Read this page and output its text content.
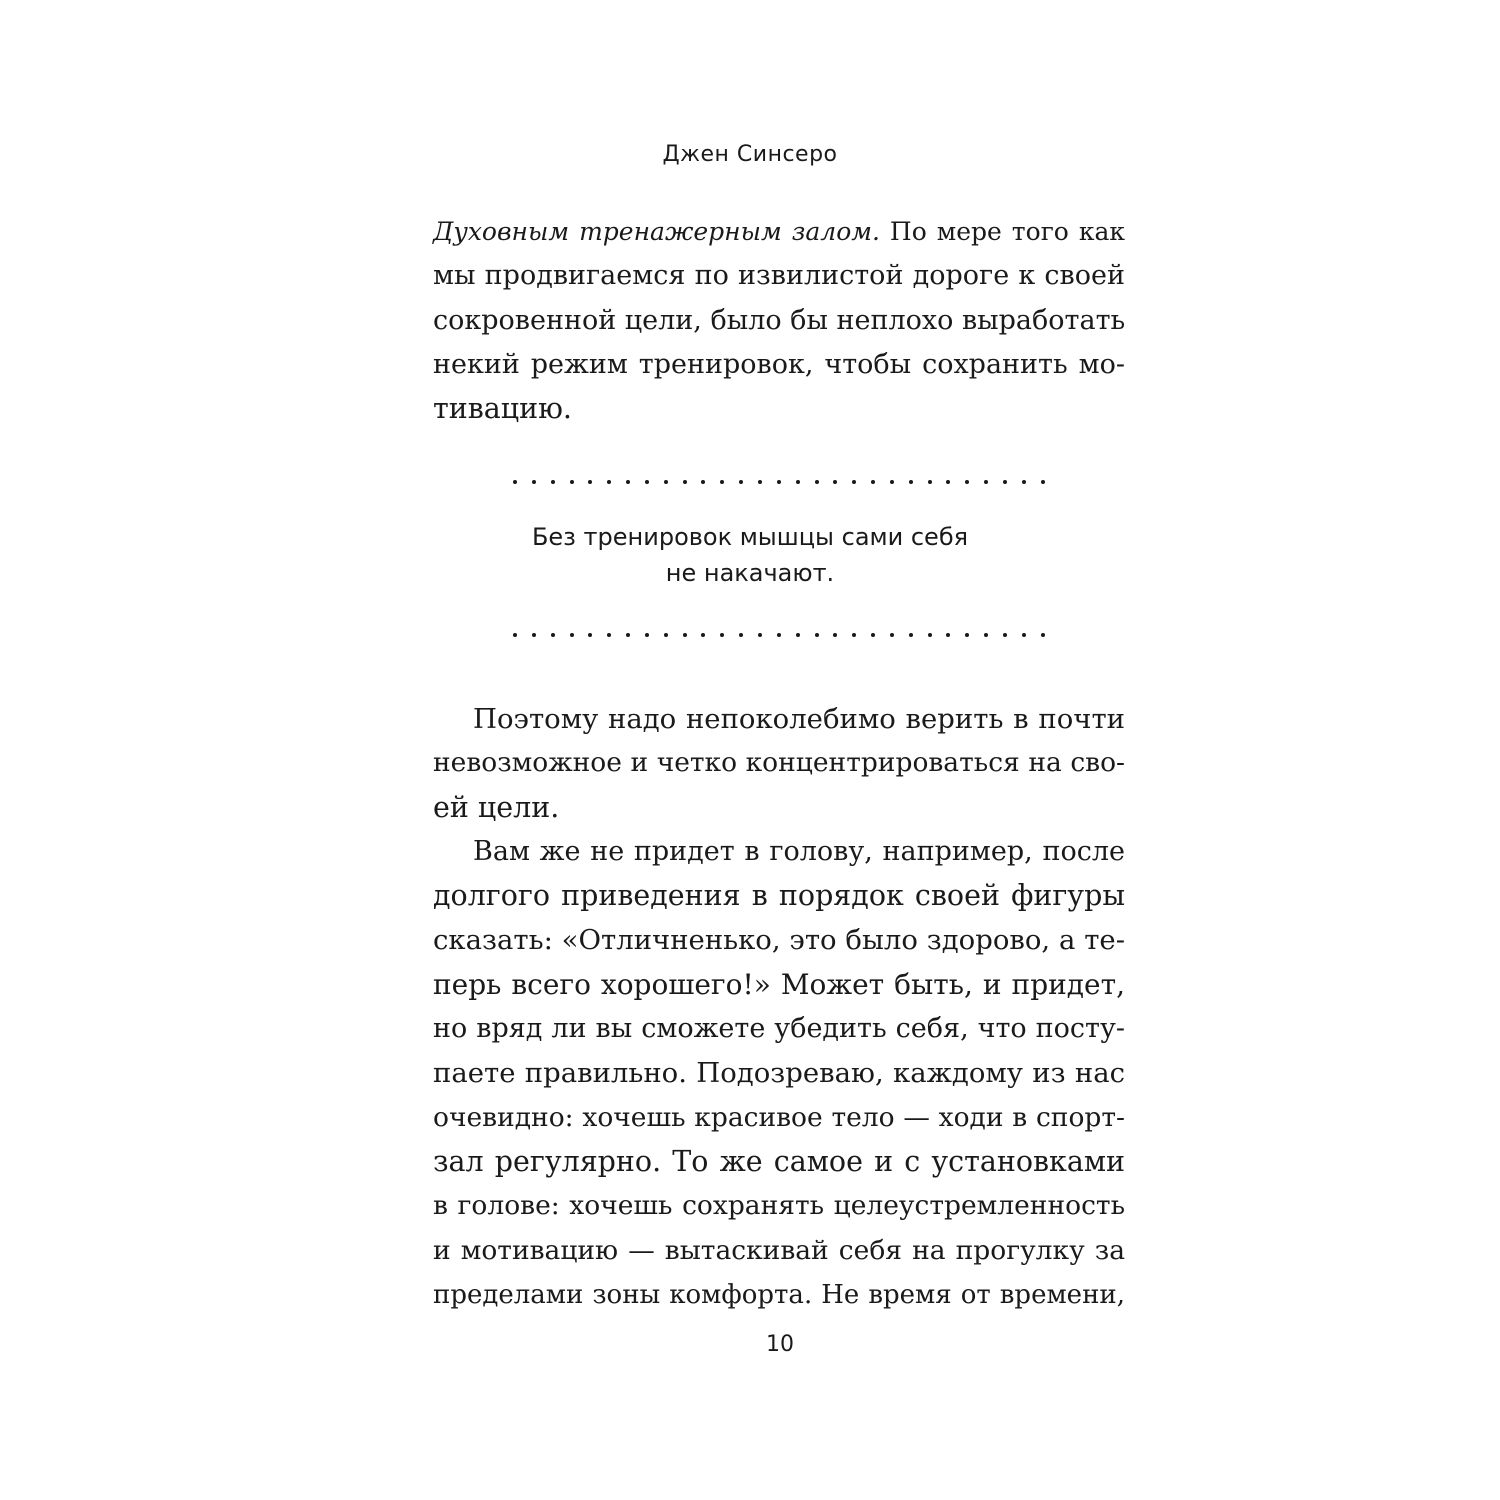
Джен Синсеро
Духовным тренажерным залом. По мере того как
мы продвигаемся по извилистой дороге к своей
сокровенной цели, было бы неплохо выработать
некий режим тренировок, чтобы сохранить мо-
тивацию.
Без тренировок мышцы сами себя
не накачают.
Поэтому надо непоколебимо верить в почти
невозможное и четко концентрироваться на сво-
ей цели.
Вам же не придет в голову, например, после
долгого приведения в порядок своей фигуры
сказать: «Отличненько, это было здорово, а те-
перь всего хорошего!» Может быть, и придет,
но вряд ли вы сможете убедить себя, что посту-
паете правильно. Подозреваю, каждому из нас
очевидно: хочешь красивое тело — ходи в спорт-
зал регулярно. То же самое и с установками
в голове: хочешь сохранять целеустремленность
и мотивацию — вытаскивай себя на прогулку за
пределами зоны комфорта. Не время от времени,
10
